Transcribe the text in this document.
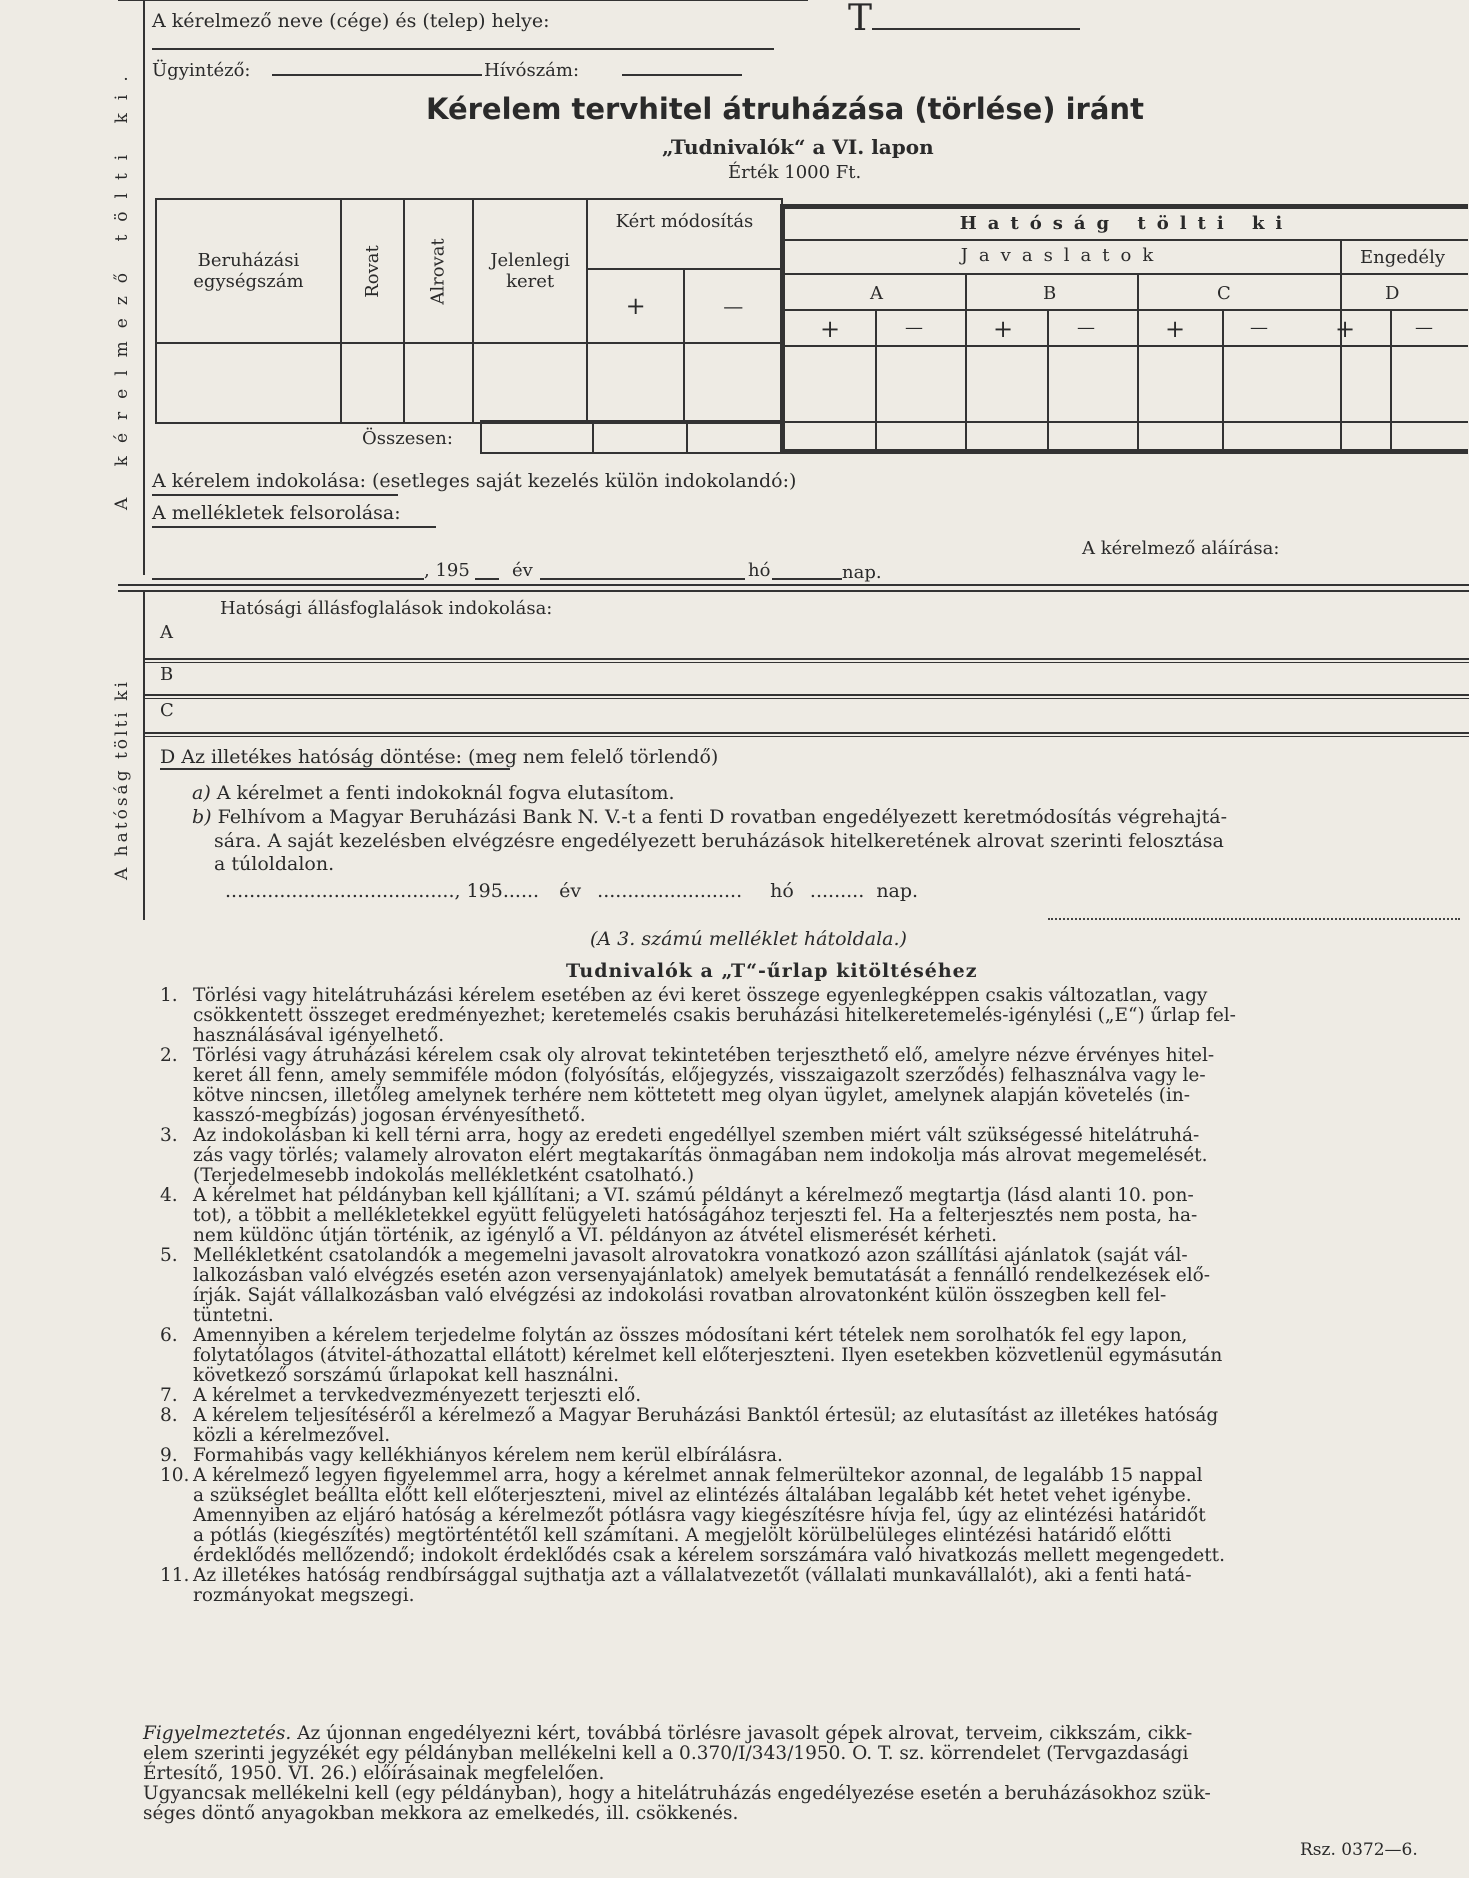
A kérelmező neve (cége) és (telep) helye:	T
Ügyintéző:	Hívószám:
Kérelem tervhitel átruházása (törlése) iránt
„Tudnivalók“ a VI. lapon
Érték 1000 Ft.
A kérelmező tölti ki.
A hatóság tölti ki
Beruházási egységszám	Rovat	Alrovat	Jelenlegi keret	Kért módosítás
+ —

Összesen:
Hatóság tölti ki
Javaslatok	Engedély
A	B	C	D
+	—	+	—	+	—	+	—
A kérelem indokolása: (esetleges saját kezelés külön indokolandó:)
A mellékletek felsorolása:
A kérelmező aláírása:
, 195 év	hó	nap.
Hatósági állásfoglalások indokolása:
A
B
C
D Az illetékes hatóság döntése: (meg nem felelő törlendő)
a) A kérelmet a fenti indokoknál fogva elutasítom.
b) Felhívom a Magyar Beruházási Bank N. V.-t a fenti D rovatban engedélyezett keretmódosítás végrehajtá-
sára. A saját kezelésben elvégzésre engedélyezett beruházások hitelkeretének alrovat szerinti felosztása
a túloldalon.
......................................, 195...... év ........................ hó ......... nap.
(A 3. számú melléklet hátoldala.)
Tudnivalók a „T“-űrlap kitöltéséhez
1. Törlési vagy hitelátruházási kérelem esetében az évi keret összege egyenlegképpen csakis változatlan, vagy
csökkentett összeget eredményezhet; keretemelés csakis beruházási hitelkeretemelés-igénylési („E“) űrlap fel-
használásával igényelhető.
2. Törlési vagy átruházási kérelem csak oly alrovat tekintetében terjeszthető elő, amelyre nézve érvényes hitel-
keret áll fenn, amely semmiféle módon (folyósítás, előjegyzés, visszaigazolt szerződés) felhasználva vagy le-
kötve nincsen, illetőleg amelynek terhére nem köttetett meg olyan ügylet, amelynek alapján követelés (in-
kasszó-megbízás) jogosan érvényesíthető.
3. Az indokolásban ki kell térni arra, hogy az eredeti engedéllyel szemben miért vált szükségessé hitelátruhá-
zás vagy törlés; valamely alrovaton elért megtakarítás önmagában nem indokolja más alrovat megemelését.
(Terjedelmesebb indokolás mellékletként csatolható.)
4. A kérelmet hat példányban kell kjállítani; a VI. számú példányt a kérelmező megtartja (lásd alanti 10. pon-
tot), a többit a mellékletekkel együtt felügyeleti hatóságához terjeszti fel. Ha a felterjesztés nem posta, ha-
nem küldönc útján történik, az igénylő a VI. példányon az átvétel elismerését kérheti.
5. Mellékletként csatolandók a megemelni javasolt alrovatokra vonatkozó azon szállítási ajánlatok (saját vál-
lalkozásban való elvégzés esetén azon versenyajánlatok) amelyek bemutatását a fennálló rendelkezések elő-
írják. Saját vállalkozásban való elvégzési az indokolási rovatban alrovatonként külön összegben kell fel-
tüntetni.
6. Amennyiben a kérelem terjedelme folytán az összes módosítani kért tételek nem sorolhatók fel egy lapon,
folytatólagos (átvitel-áthozattal ellátott) kérelmet kell előterjeszteni. Ilyen esetekben közvetlenül egymásután
következő sorszámú űrlapokat kell használni.
7. A kérelmet a tervkedvezményezett terjeszti elő.
8. A kérelem teljesítéséről a kérelmező a Magyar Beruházási Banktól értesül; az elutasítást az illetékes hatóság
közli a kérelmezővel.
9. Formahibás vagy kellékhiányos kérelem nem kerül elbírálásra.
10. A kérelmező legyen figyelemmel arra, hogy a kérelmet annak felmerültekor azonnal, de legalább 15 nappal
a szükséglet beállta előtt kell előterjeszteni, mivel az elintézés általában legalább két hetet vehet igénybe.
Amennyiben az eljáró hatóság a kérelmezőt pótlásra vagy kiegészítésre hívja fel, úgy az elintézési határidőt
a pótlás (kiegészítés) megtörténtétől kell számítani. A megjelölt körülbelüleges elintézési határidő előtti
érdeklődés mellőzendő; indokolt érdeklődés csak a kérelem sorszámára való hivatkozás mellett megengedett.
11. Az illetékes hatóság rendbírsággal sujthatja azt a vállalatvezetőt (vállalati munkavállalót), aki a fenti hatá-
rozmányokat megszegi.
Figyelmeztetés. Az újonnan engedélyezni kért, továbbá törlésre javasolt gépek alrovat, terveim, cikkszám, cikk-
elem szerinti jegyzékét egy példányban mellékelni kell a 0.370/I/343/1950. O. T. sz. körrendelet (Tervgazdasági
Értesítő, 1950. VI. 26.) előírásainak megfelelően.
Ugyancsak mellékelni kell (egy példányban), hogy a hitelátruházás engedélyezése esetén a beruházásokhoz szük-
séges döntő anyagokban mekkora az emelkedés, ill. csökkenés.
Rsz. 0372—6.
